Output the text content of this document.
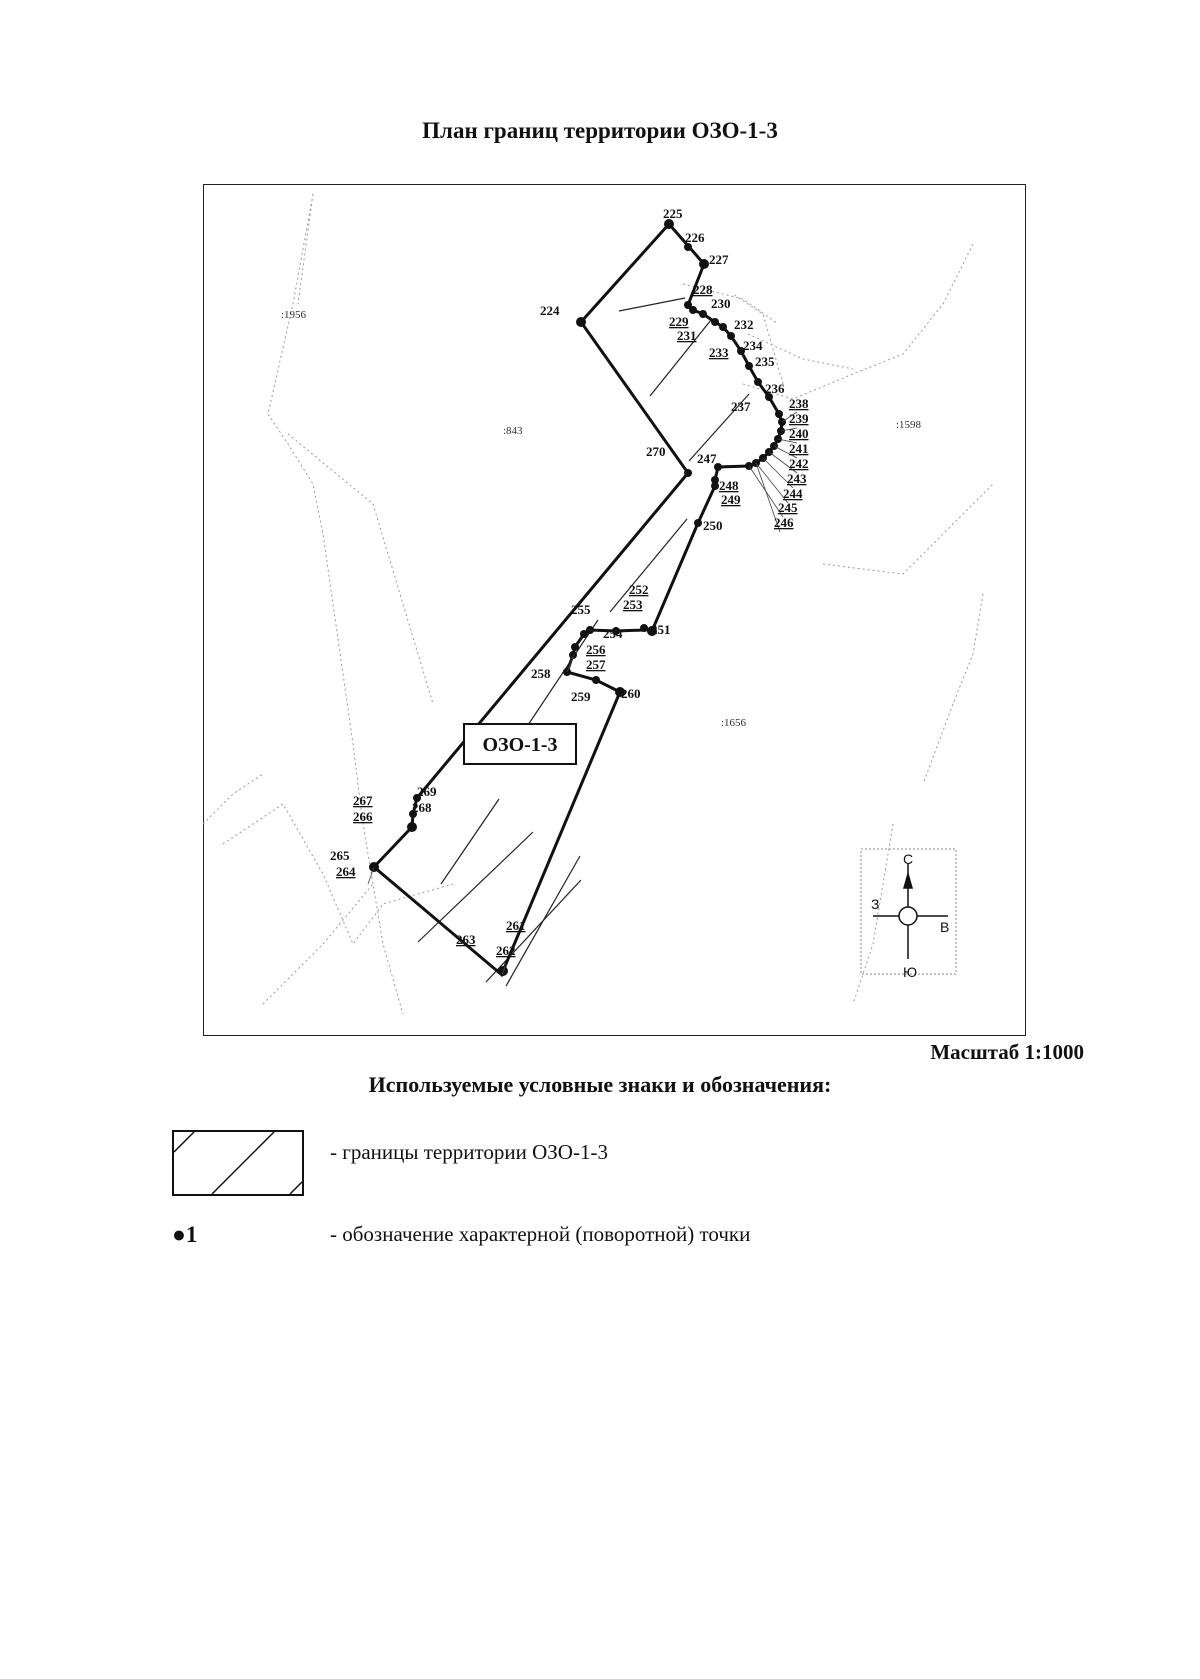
План границ территории ОЗО-1-3
225
226
227
228
229
230
231
232
233 234
235
236
237	238
239
240
241
242
243
244
245
246
247
248
249
250
251
252
253
254
255
256
257
258
259 260
261
262
263
264
265
266
267	268
269
270
224
:1956
:843	:1598
:1656
ОЗО-1-3
С
Ю
З
В
Масштаб 1:1000
Используемые условные знаки и обозначения:
- границы территории ОЗО-1-3
●1	- обозначение характерной (поворотной) точки
